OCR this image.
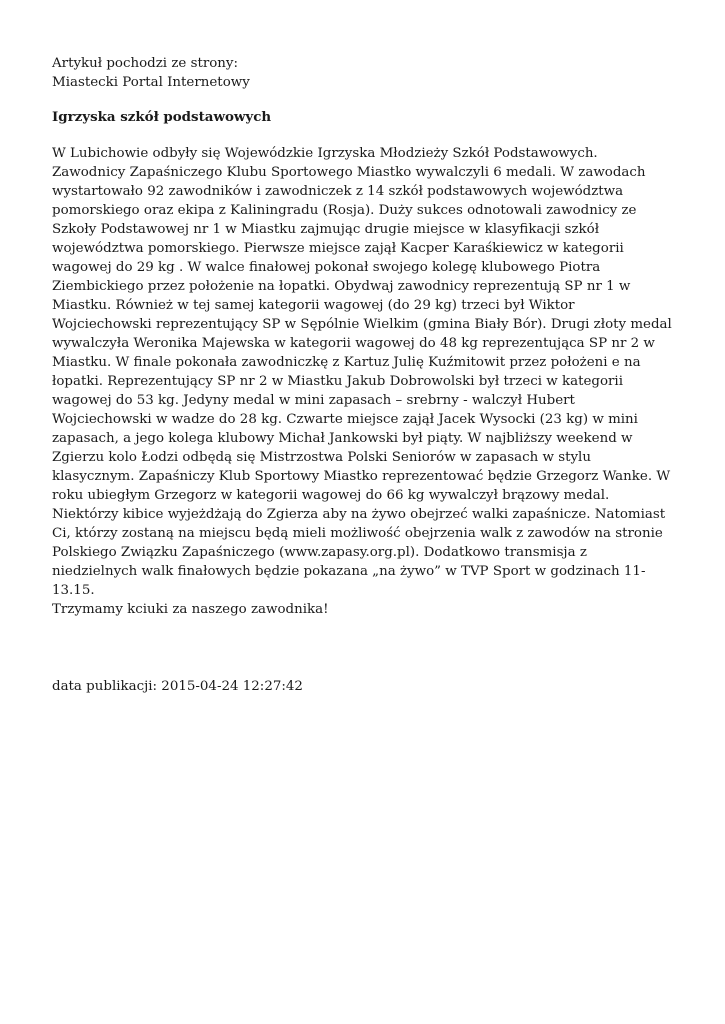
Artykuł pochodzi ze strony:

Miastecki Portal Internetowy

Igrzyska szkół podstawowych

W Lubichowie odbyły się Wojewódzkie Igrzyska Młodzieży Szkół Podstawowych. Zawodnicy Zapaśniczego Klubu Sportowego Miastko wywalczyli 6 medali. W zawodach wystartowało 92 zawodników i zawodniczek z 14 szkół podstawowych województwa pomorskiego oraz ekipa z Kaliningradu (Rosja). Duży sukces odnotowali zawodnicy ze Szkoły Podstawowej nr 1 w Miastku zajmując drugie miejsce w klasyfikacji szkół województwa pomorskiego. Pierwsze miejsce zajął Kacper Karaśkiewicz w kategorii wagowej do 29 kg . W walce finałowej pokonał swojego kolegę klubowego Piotra Ziembickiego przez położenie na łopatki. Obydwaj zawodnicy reprezentują SP nr 1 w Miastku. Również w tej samej kategorii wagowej (do 29 kg) trzeci był Wiktor Wojciechowski reprezentujący SP w Sępólnie Wielkim (gmina Biały Bór). Drugi złoty medal wywalczyła Weronika Majewska w kategorii wagowej do 48 kg reprezentująca SP nr 2 w Miastku. W finale pokonała zawodniczkę z Kartuz Julię Kuźmitowit przez położeni e na łopatki. Reprezentujący SP nr 2 w Miastku Jakub Dobrowolski był trzeci w kategorii wagowej do 53 kg. Jedyny medal w mini zapasach – srebrny - walczył Hubert Wojciechowski w wadze do 28 kg. Czwarte miejsce zajął Jacek Wysocki (23 kg) w mini zapasach, a jego kolega klubowy Michał Jankowski był piąty. W najbliższy weekend w Zgierzu kolo Łodzi odbędą się Mistrzostwa Polski Seniorów w zapasach w stylu klasycznym. Zapaśniczy Klub Sportowy Miastko reprezentować będzie Grzegorz Wanke. W roku ubiegłym Grzegorz w kategorii wagowej do 66 kg wywalczył brązowy medal. Niektórzy kibice wyjeżdżają do Zgierza aby na żywo obejrzeć walki zapaśnicze. Natomiast Ci, którzy zostaną na miejscu będą mieli możliwość obejrzenia walk z zawodów na stronie Polskiego Związku Zapaśniczego (www.zapasy.org.pl). Dodatkowo transmisja z niedzielnych walk finałowych będzie pokazana „na żywo” w TVP Sport w godzinach 11-13.15.

Trzymamy kciuki za naszego zawodnika!

data publikacji: 2015-04-24 12:27:42
